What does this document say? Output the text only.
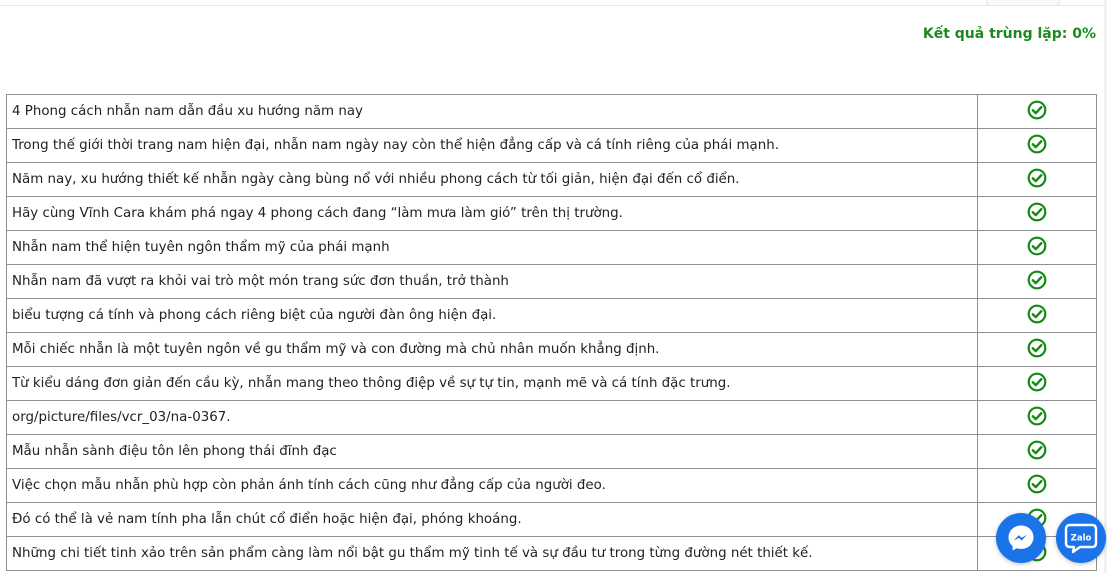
Kết quả trùng lặp: 0%
4 Phong cách nhẫn nam dẫn đầu xu hướng năm nay	
Trong thế giới thời trang nam hiện đại, nhẫn nam ngày nay còn thể hiện đẳng cấp và cá tính riêng của phái mạnh.	
Năm nay, xu hướng thiết kế nhẫn ngày càng bùng nổ với nhiều phong cách từ tối giản, hiện đại đến cổ điển.	
Hãy cùng Vĩnh Cara khám phá ngay 4 phong cách đang “làm mưa làm gió” trên thị trường.	
Nhẫn nam thể hiện tuyên ngôn thẩm mỹ của phái mạnh	
Nhẫn nam đã vượt ra khỏi vai trò một món trang sức đơn thuần, trở thành	
biểu tượng cá tính và phong cách riêng biệt của người đàn ông hiện đại.	
Mỗi chiếc nhẫn là một tuyên ngôn về gu thẩm mỹ và con đường mà chủ nhân muốn khẳng định.	
Từ kiểu dáng đơn giản đến cầu kỳ, nhẫn mang theo thông điệp về sự tự tin, mạnh mẽ và cá tính đặc trưng.	
org/picture/files/vcr_03/na-0367.	
Mẫu nhẫn sành điệu tôn lên phong thái đĩnh đạc	
Việc chọn mẫu nhẫn phù hợp còn phản ánh tính cách cũng như đẳng cấp của người đeo.	
Đó có thể là vẻ nam tính pha lẫn chút cổ điển hoặc hiện đại, phóng khoáng.	
Những chi tiết tinh xảo trên sản phẩm càng làm nổi bật gu thẩm mỹ tinh tế và sự đầu tư trong từng đường nét thiết kế.	
Zalo
